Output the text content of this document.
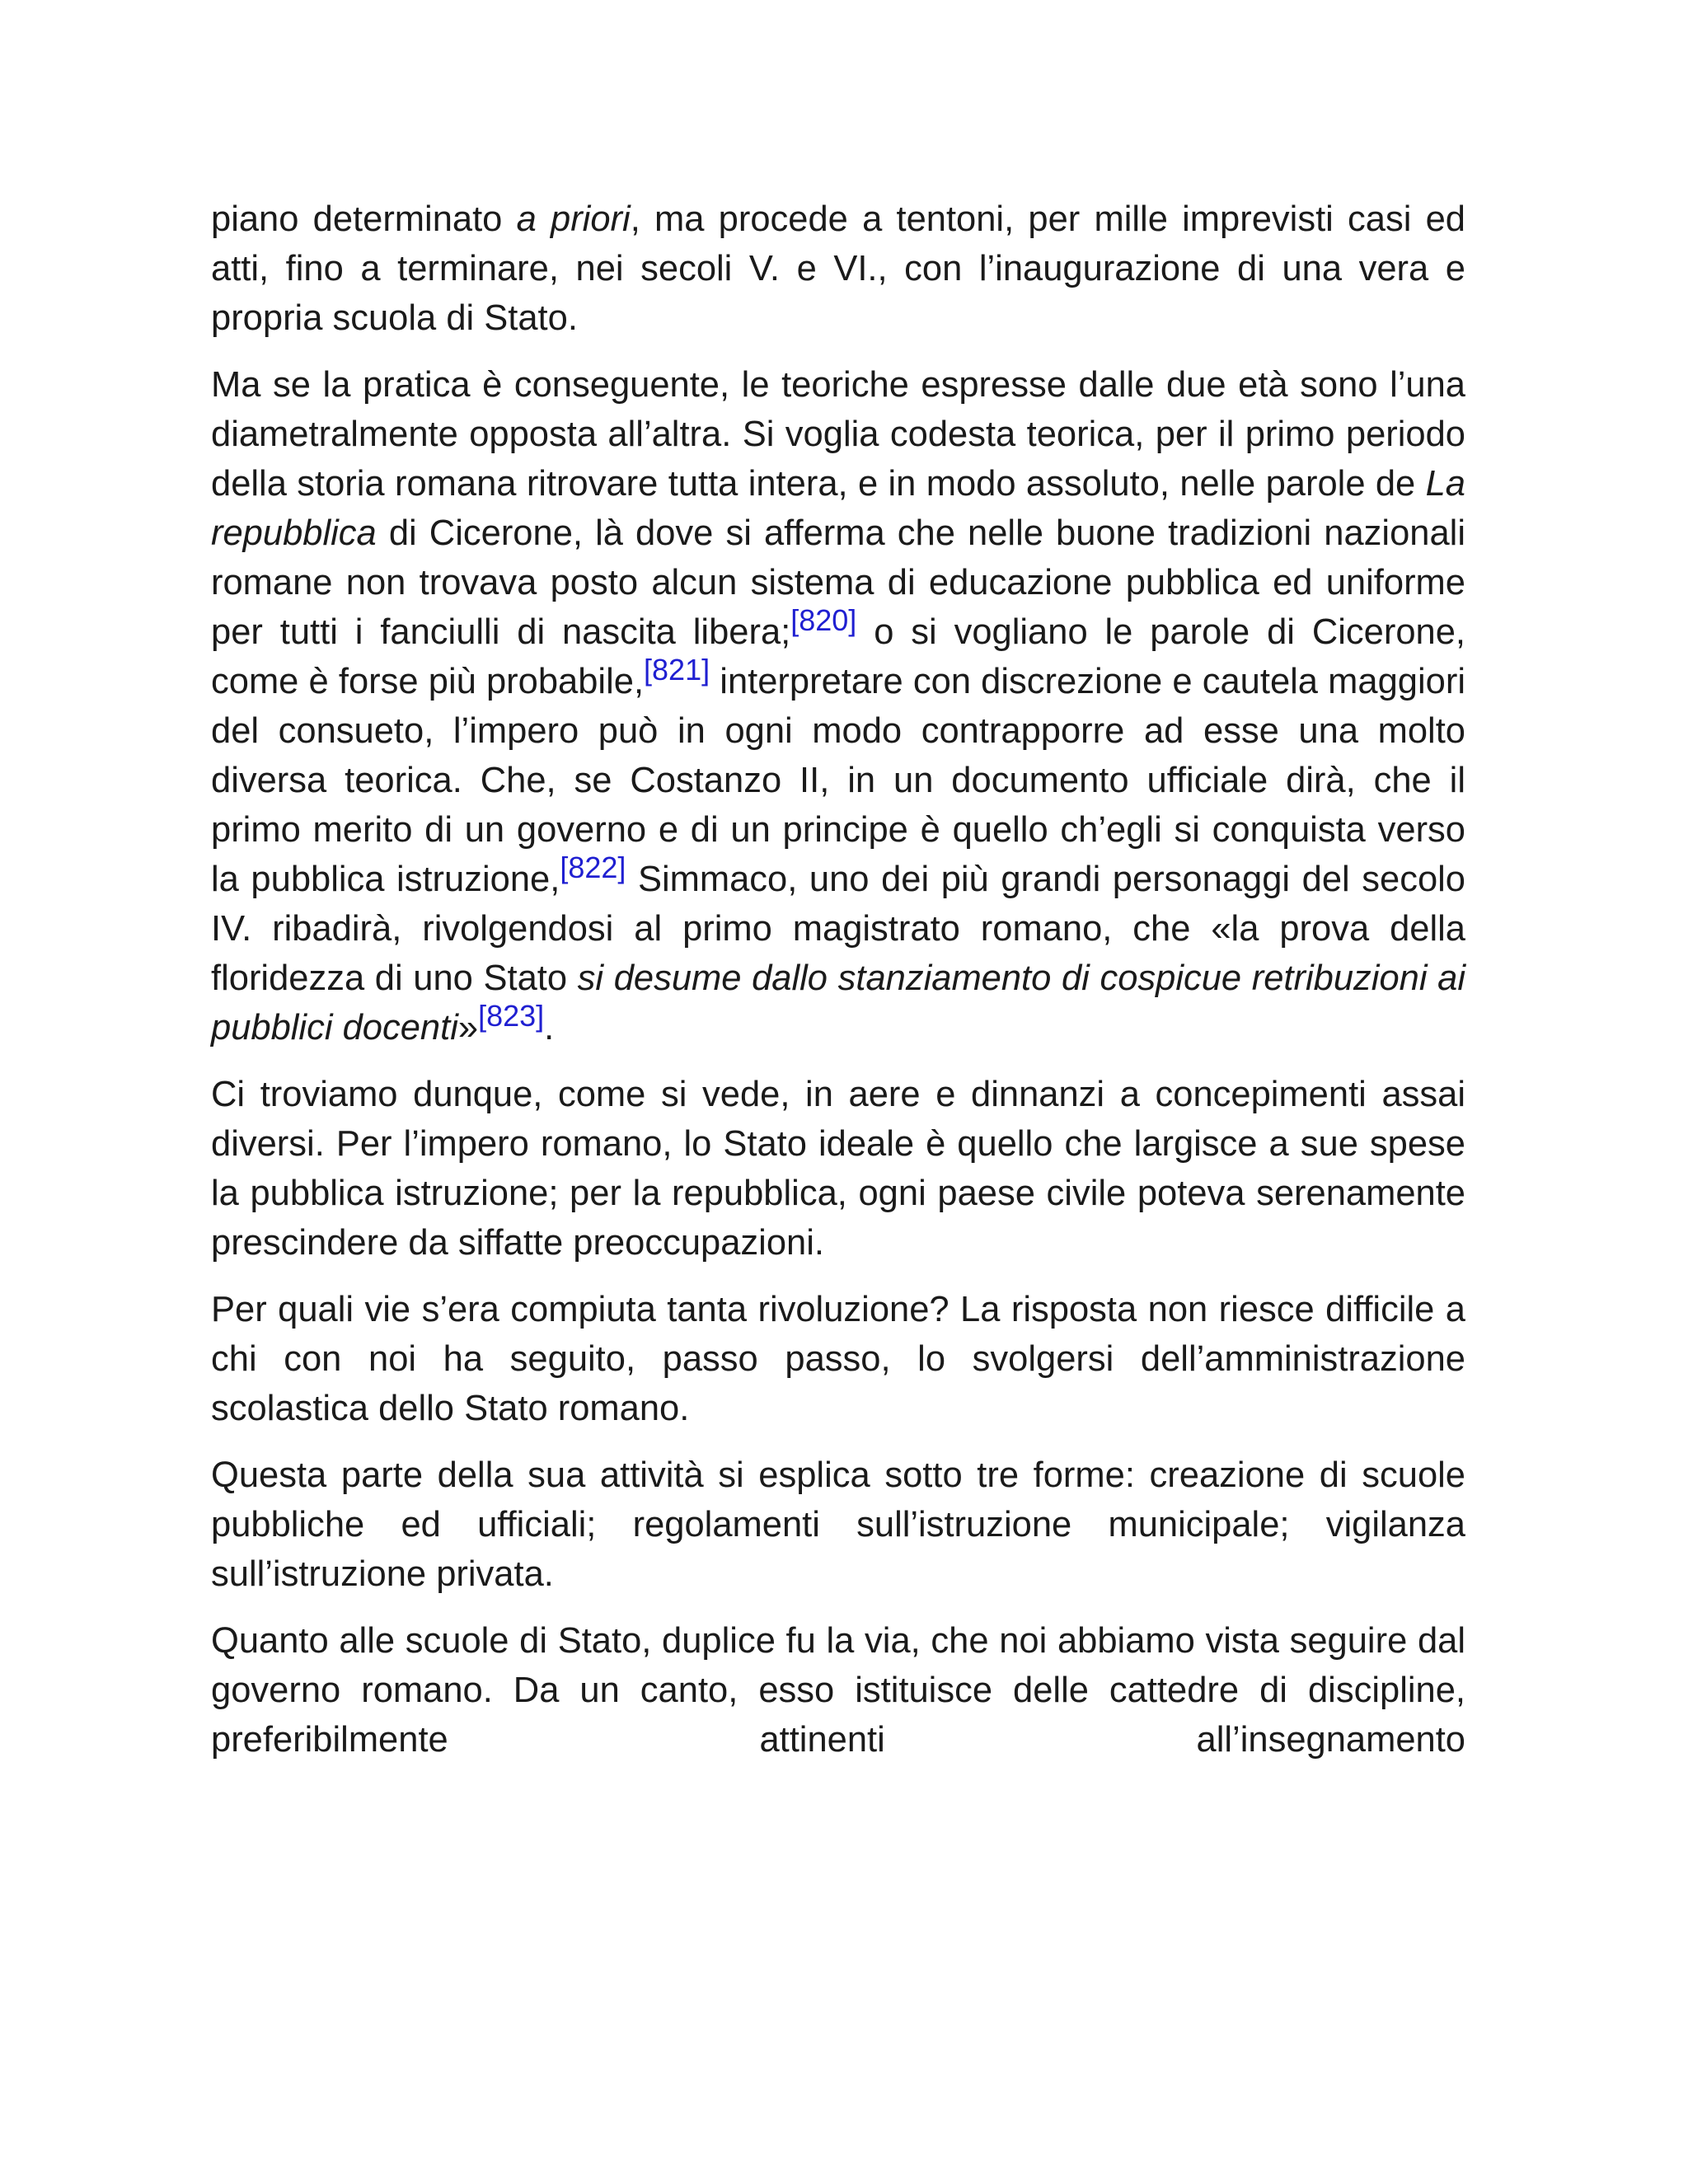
piano determinato a priori, ma procede a tentoni, per mille imprevisti casi ed atti, fino a terminare, nei secoli V. e VI., con l’inaugurazione di una vera e propria scuola di Stato.

Ma se la pratica è conseguente, le teoriche espresse dalle due età sono l’una diametralmente opposta all’altra. Si voglia codesta teorica, per il primo periodo della storia romana ritrovare tutta intera, e in modo assoluto, nelle parole de La repubblica di Cicerone, là dove si afferma che nelle buone tradizioni nazionali romane non trovava posto alcun sistema di educazione pubblica ed uniforme per tutti i fanciulli di nascita libera;[820] o si vogliano le parole di Cicerone, come è forse più probabile,[821] interpretare con discrezione e cautela maggiori del consueto, l’impero può in ogni modo contrapporre ad esse una molto diversa teorica. Che, se Costanzo II, in un documento ufficiale dirà, che il primo merito di un governo e di un principe è quello ch’egli si conquista verso la pubblica istruzione,[822] Simmaco, uno dei più grandi personaggi del secolo IV. ribadirà, rivolgendosi al primo magistrato romano, che «la prova della floridezza di uno Stato si desume dallo stanziamento di cospicue retribuzioni ai pubblici docenti»[823].

Ci troviamo dunque, come si vede, in aere e dinnanzi a concepimenti assai diversi. Per l’impero romano, lo Stato ideale è quello che largisce a sue spese la pubblica istruzione; per la repubblica, ogni paese civile poteva serenamente prescindere da siffatte preoccupazioni.

Per quali vie s’era compiuta tanta rivoluzione? La risposta non riesce difficile a chi con noi ha seguito, passo passo, lo svolgersi dell’amministrazione scolastica dello Stato romano.

Questa parte della sua attività si esplica sotto tre forme: creazione di scuole pubbliche ed ufficiali; regolamenti sull’istruzione municipale; vigilanza sull’istruzione privata.

Quanto alle scuole di Stato, duplice fu la via, che noi abbiamo vista seguire dal governo romano. Da un canto, esso istituisce delle cattedre di discipline, preferibilmente attinenti all’insegnamento
